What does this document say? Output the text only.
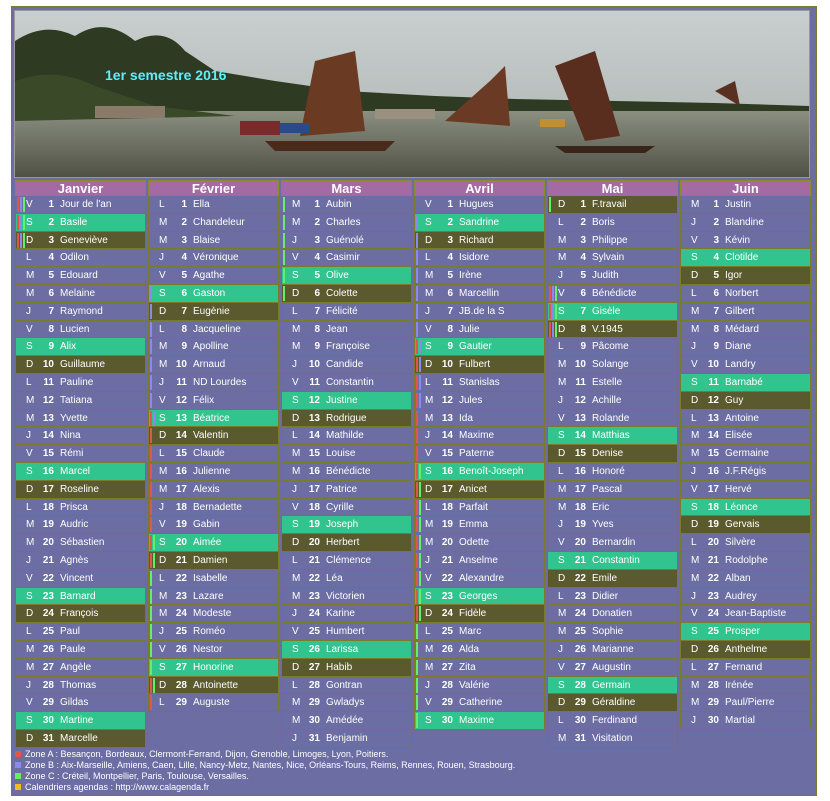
1er semestre 2016
Janvier
V	1 Jour de l'an
S	2 Basile
D	3 Geneviève
L	4 Odilon
M	5 Edouard
M	6 Melaine
J	7 Raymond
V	8 Lucien
S	9 Alix
D 10 Guillaume
L	11 Pauline
M 12 Tatiana
M 13 Yvette
J	14 Nina
V	15 Rémi
S	16 Marcel
D 17 Roseline
L	18 Prisca
M 19 Audric
M 20 Sébastien
J	21 Agnès
V	22 Vincent
S	23 Barnard
D 24 François
L	25 Paul
M 26 Paule
M 27 Angèle
J	28 Thomas
V	29 Gildas
S	30 Martine
D 31 Marcelle
Février
L	1 Ella
M	2 Chandeleur
M	3 Blaise
J	4 Véronique
V	5 Agathe
S	6 Gaston
D	7 Eugènie
L	8 Jacqueline
M	9 Apolline
M 10 Arnaud
J	11 ND Lourdes
V	12 Félix
S	13 Béatrice
D 14 Valentin
L	15 Claude
M 16 Julienne
M 17 Alexis
J	18 Bernadette
V	19 Gabin
S	20 Aimée
D 21 Damien
L	22 Isabelle
M 23 Lazare
M 24 Modeste
J	25 Roméo
V	26 Nestor
S	27 Honorine
D 28 Antoinette
L	29 Auguste
Mars
M	1 Aubin
M	2 Charles
J	3 Guénolé
V	4 Casimir
S	5 Olive
D	6 Colette
L	7 Félicité
M	8 Jean
M	9 Françoise
J	10 Candide
V	11 Constantin
S	12 Justine
D 13 Rodrigue
L	14 Mathilde
M 15 Louise
M 16 Bénédicte
J	17 Patrice
V	18 Cyrille
S	19 Joseph
D 20 Herbert
L	21 Clémence
M 22 Léa
M 23 Victorien
J	24 Karine
V	25 Humbert
S	26 Larissa
D 27 Habib
L	28 Gontran
M 29 Gwladys
M 30 Amédée
J	31 Benjamin
Avril
V	1 Hugues
S	2 Sandrine
D	3 Richard
L	4 Isidore
M	5 Irène
M	6 Marcellin
J	7 JB.de la S
V	8 Julie
S	9 Gautier
D 10 Fulbert
L	11 Stanislas
M 12 Jules
M 13 Ida
J	14 Maxime
V	15 Paterne
S	16 Benoît-Joseph
D 17 Anicet
L	18 Parfait
M 19 Emma
M 20 Odette
J	21 Anselme
V	22 Alexandre
S	23 Georges
D 24 Fidèle
L	25 Marc
M 26 Alda
M 27 Zita
J	28 Valérie
V	29 Catherine
S	30 Maxime
Mai
D	1 F.travail
L	2 Boris
M	3 Philippe
M	4 Sylvain
J	5 Judith
V	6 Bénédicte
S	7 Gisèle
D	8 V.1945
L	9 Pâcome
M 10 Solange
M 11 Estelle
J	12 Achille
V	13 Rolande
S	14 Matthias
D 15 Denise
L	16 Honoré
M 17 Pascal
M 18 Eric
J	19 Yves
V	20 Bernardin
S	21 Constantin
D 22 Emile
L	23 Didier
M 24 Donatien
M 25 Sophie
J	26 Marianne
V	27 Augustin
S	28 Germain
D 29 Géraldine
L	30 Ferdinand
M 31 Visitation
Juin
M	1 Justin
J	2 Blandine
V	3 Kévin
S	4 Clotilde
D	5 Igor
L	6 Norbert
M	7 Gilbert
M	8 Médard
J	9 Diane
V	10 Landry
S	11 Barnabé
D 12 Guy
L	13 Antoine
M 14 Elisée
M 15 Germaine
J	16 J.F.Régis
V	17 Hervé
S	18 Léonce
D 19 Gervais
L	20 Silvère
M 21 Rodolphe
M 22 Alban
J	23 Audrey
V	24 Jean-Baptiste
S	25 Prosper
D 26 Anthelme
L	27 Fernand
M 28 Irénée
M 29 Paul/Pierre
J	30 Martial
Zone A : Besançon, Bordeaux, Clermont-Ferrand, Dijon, Grenoble, Limoges, Lyon, Poitiers.
Zone B : Aix-Marseille, Amiens, Caen, Lille, Nancy-Metz, Nantes, Nice, Orléans-Tours, Reims, Rennes, Rouen, Strasbourg.
Zone C : Créteil, Montpellier, Paris, Toulouse, Versailles.
Calendriers agendas : http://www.calagenda.fr
